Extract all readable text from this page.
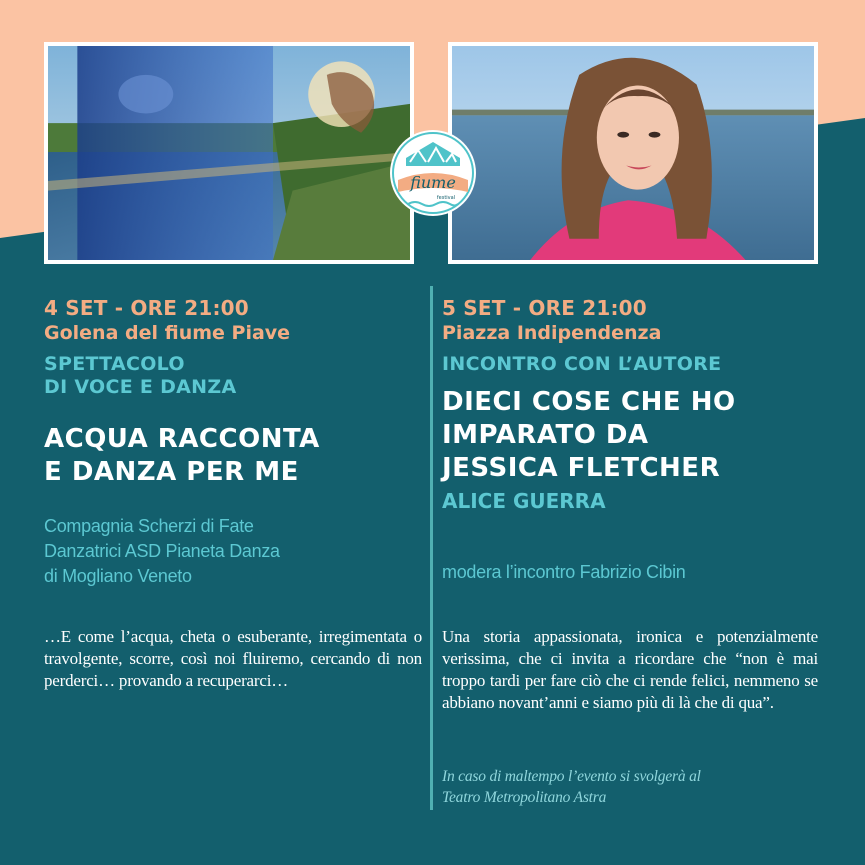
fiume
festival
4 SET - ORE 21:00
Golena del fiume Piave
SPETTACOLO
DI VOCE E DANZA
ACQUA RACCONTA
E DANZA PER ME
Compagnia Scherzi di Fate
Danzatrici ASD Pianeta Danza
di Mogliano Veneto

…E come l’acqua, cheta o esuberante, irregimentata o travolgente, scorre, così noi fluiremo, cercando di non perderci… provando a recuperarci…

5 SET - ORE 21:00
Piazza Indipendenza
INCONTRO CON L’AUTORE
DIECI COSE CHE HO
IMPARATO DA
JESSICA FLETCHER
ALICE GUERRA
modera l’incontro Fabrizio Cibin

Una storia appassionata, ironica e potenzialmente verissima, che ci invita a ricordare che “non è mai troppo tardi per fare ciò che ci rende felici, nemmeno se abbiano novant’anni e siamo più di là che di qua”.

In caso di maltempo l’evento si svolgerà al
Teatro Metropolitano Astra
